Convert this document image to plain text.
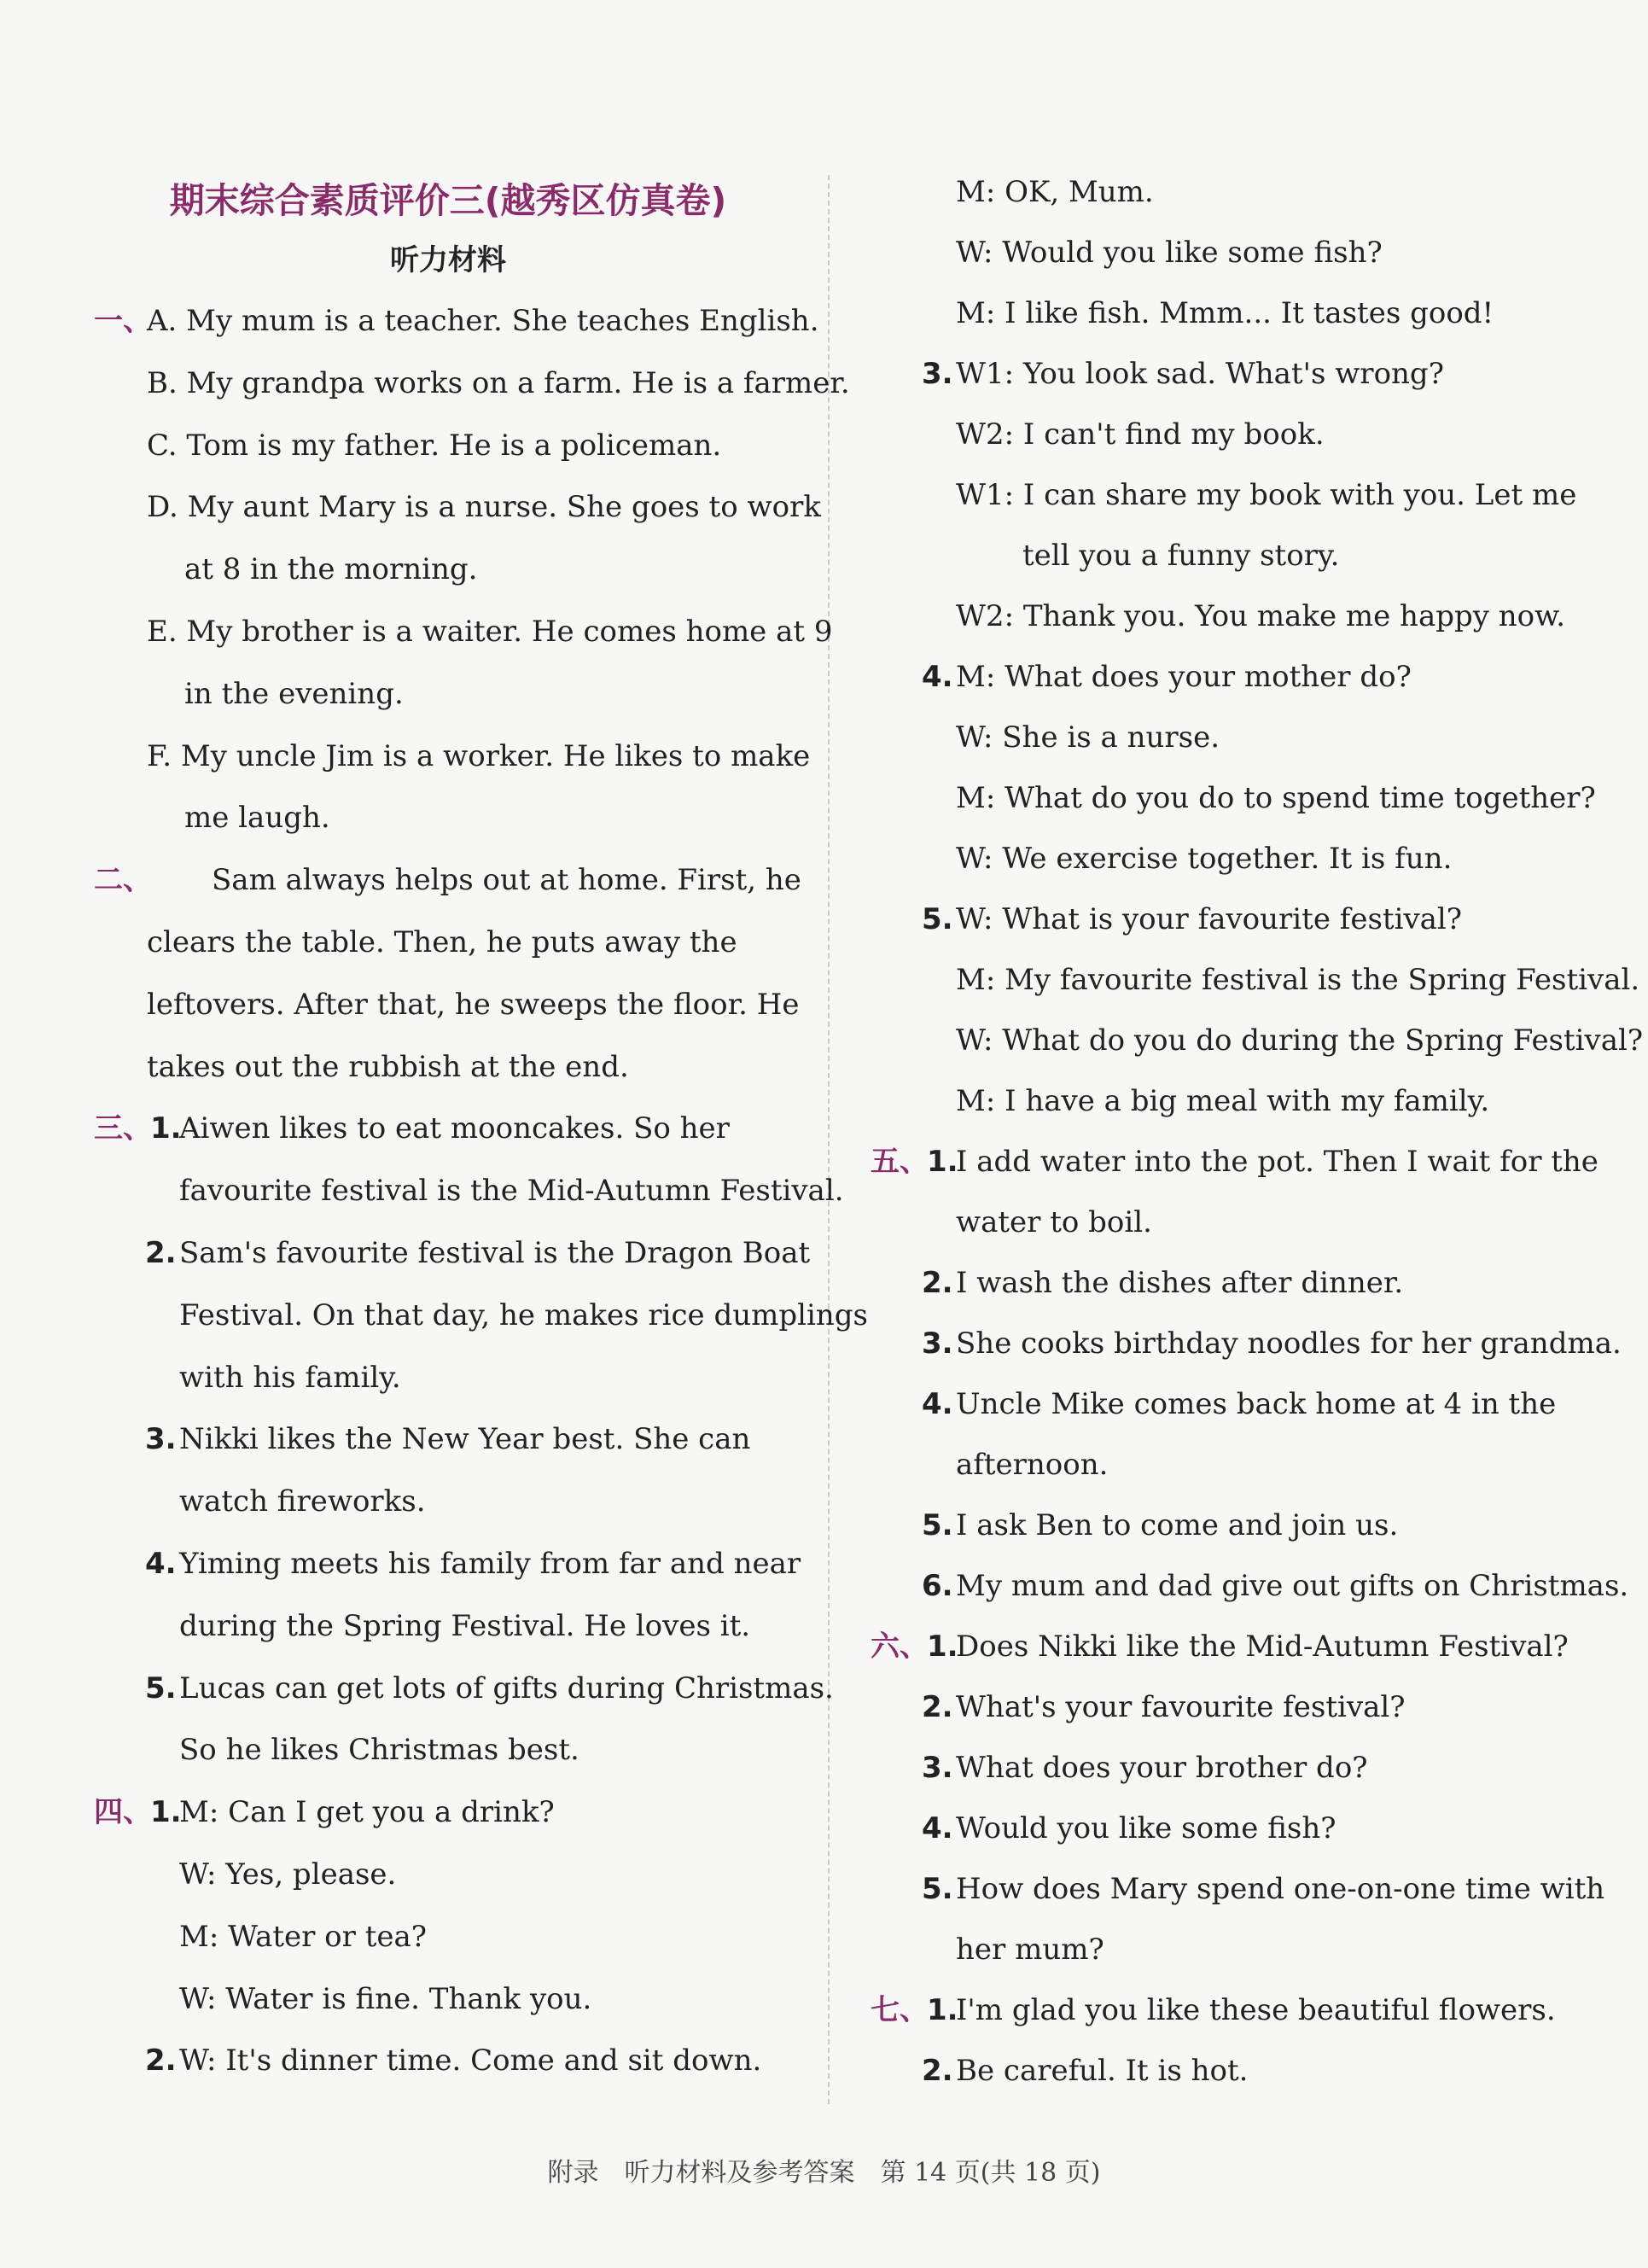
期末综合素质评价三(越秀区仿真卷)
听力材料
一、
A. My mum is a teacher. She teaches English.
B. My grandpa works on a farm. He is a farmer.
C. Tom is my father. He is a policeman.
D. My aunt Mary is a nurse. She goes to work
at 8 in the morning.
E. My brother is a waiter. He comes home at 9
in the evening.
F. My uncle Jim is a worker. He likes to make
me laugh.
二、 Sam always helps out at home. First, he
clears the table. Then, he puts away the
leftovers. After that, he sweeps the floor. He
takes out the rubbish at the end.
三、
1.
Aiwen likes to eat mooncakes. So her
favourite festival is the Mid-Autumn Festival.
2. Sam's favourite festival is the Dragon Boat
Festival. On that day, he makes rice dumplings
with his family.
3. Nikki likes the New Year best. She can
watch fireworks.
4. Yiming meets his family from far and near
during the Spring Festival. He loves it.
5. Lucas can get lots of gifts during Christmas.
So he likes Christmas best.
四、
1.
M: Can I get you a drink?
W: Yes, please.
M: Water or tea?
W: Water is fine. Thank you.
2. W: It's dinner time. Come and sit down.
M: OK, Mum.
W: Would you like some fish?
M: I like fish. Mmm... It tastes good!
3. W1: You look sad. What's wrong?
W2: I can't find my book.
W1: I can share my book with you. Let me
tell you a funny story.
W2: Thank you. You make me happy now.
4. M: What does your mother do?
W: She is a nurse.
M: What do you do to spend time together?
W: We exercise together. It is fun.
5. W: What is your favourite festival?
M: My favourite festival is the Spring Festival.
W: What do you do during the Spring Festival?
M: I have a big meal with my family.
五、
1.
I add water into the pot. Then I wait for the
water to boil.
2. I wash the dishes after dinner.
3. She cooks birthday noodles for her grandma.
4. Uncle Mike comes back home at 4 in the
afternoon.
5. I ask Ben to come and join us.
6. My mum and dad give out gifts on Christmas.
六、
1.
Does Nikki like the Mid-Autumn Festival?
2. What's your favourite festival?
3. What does your brother do?
4. Would you like some fish?
5. How does Mary spend one-on-one time with
her mum?
七、
1.
I'm glad you like these beautiful flowers.
2. Be careful. It is hot.
附录　听力材料及参考答案　第 14 页(共 18 页)
